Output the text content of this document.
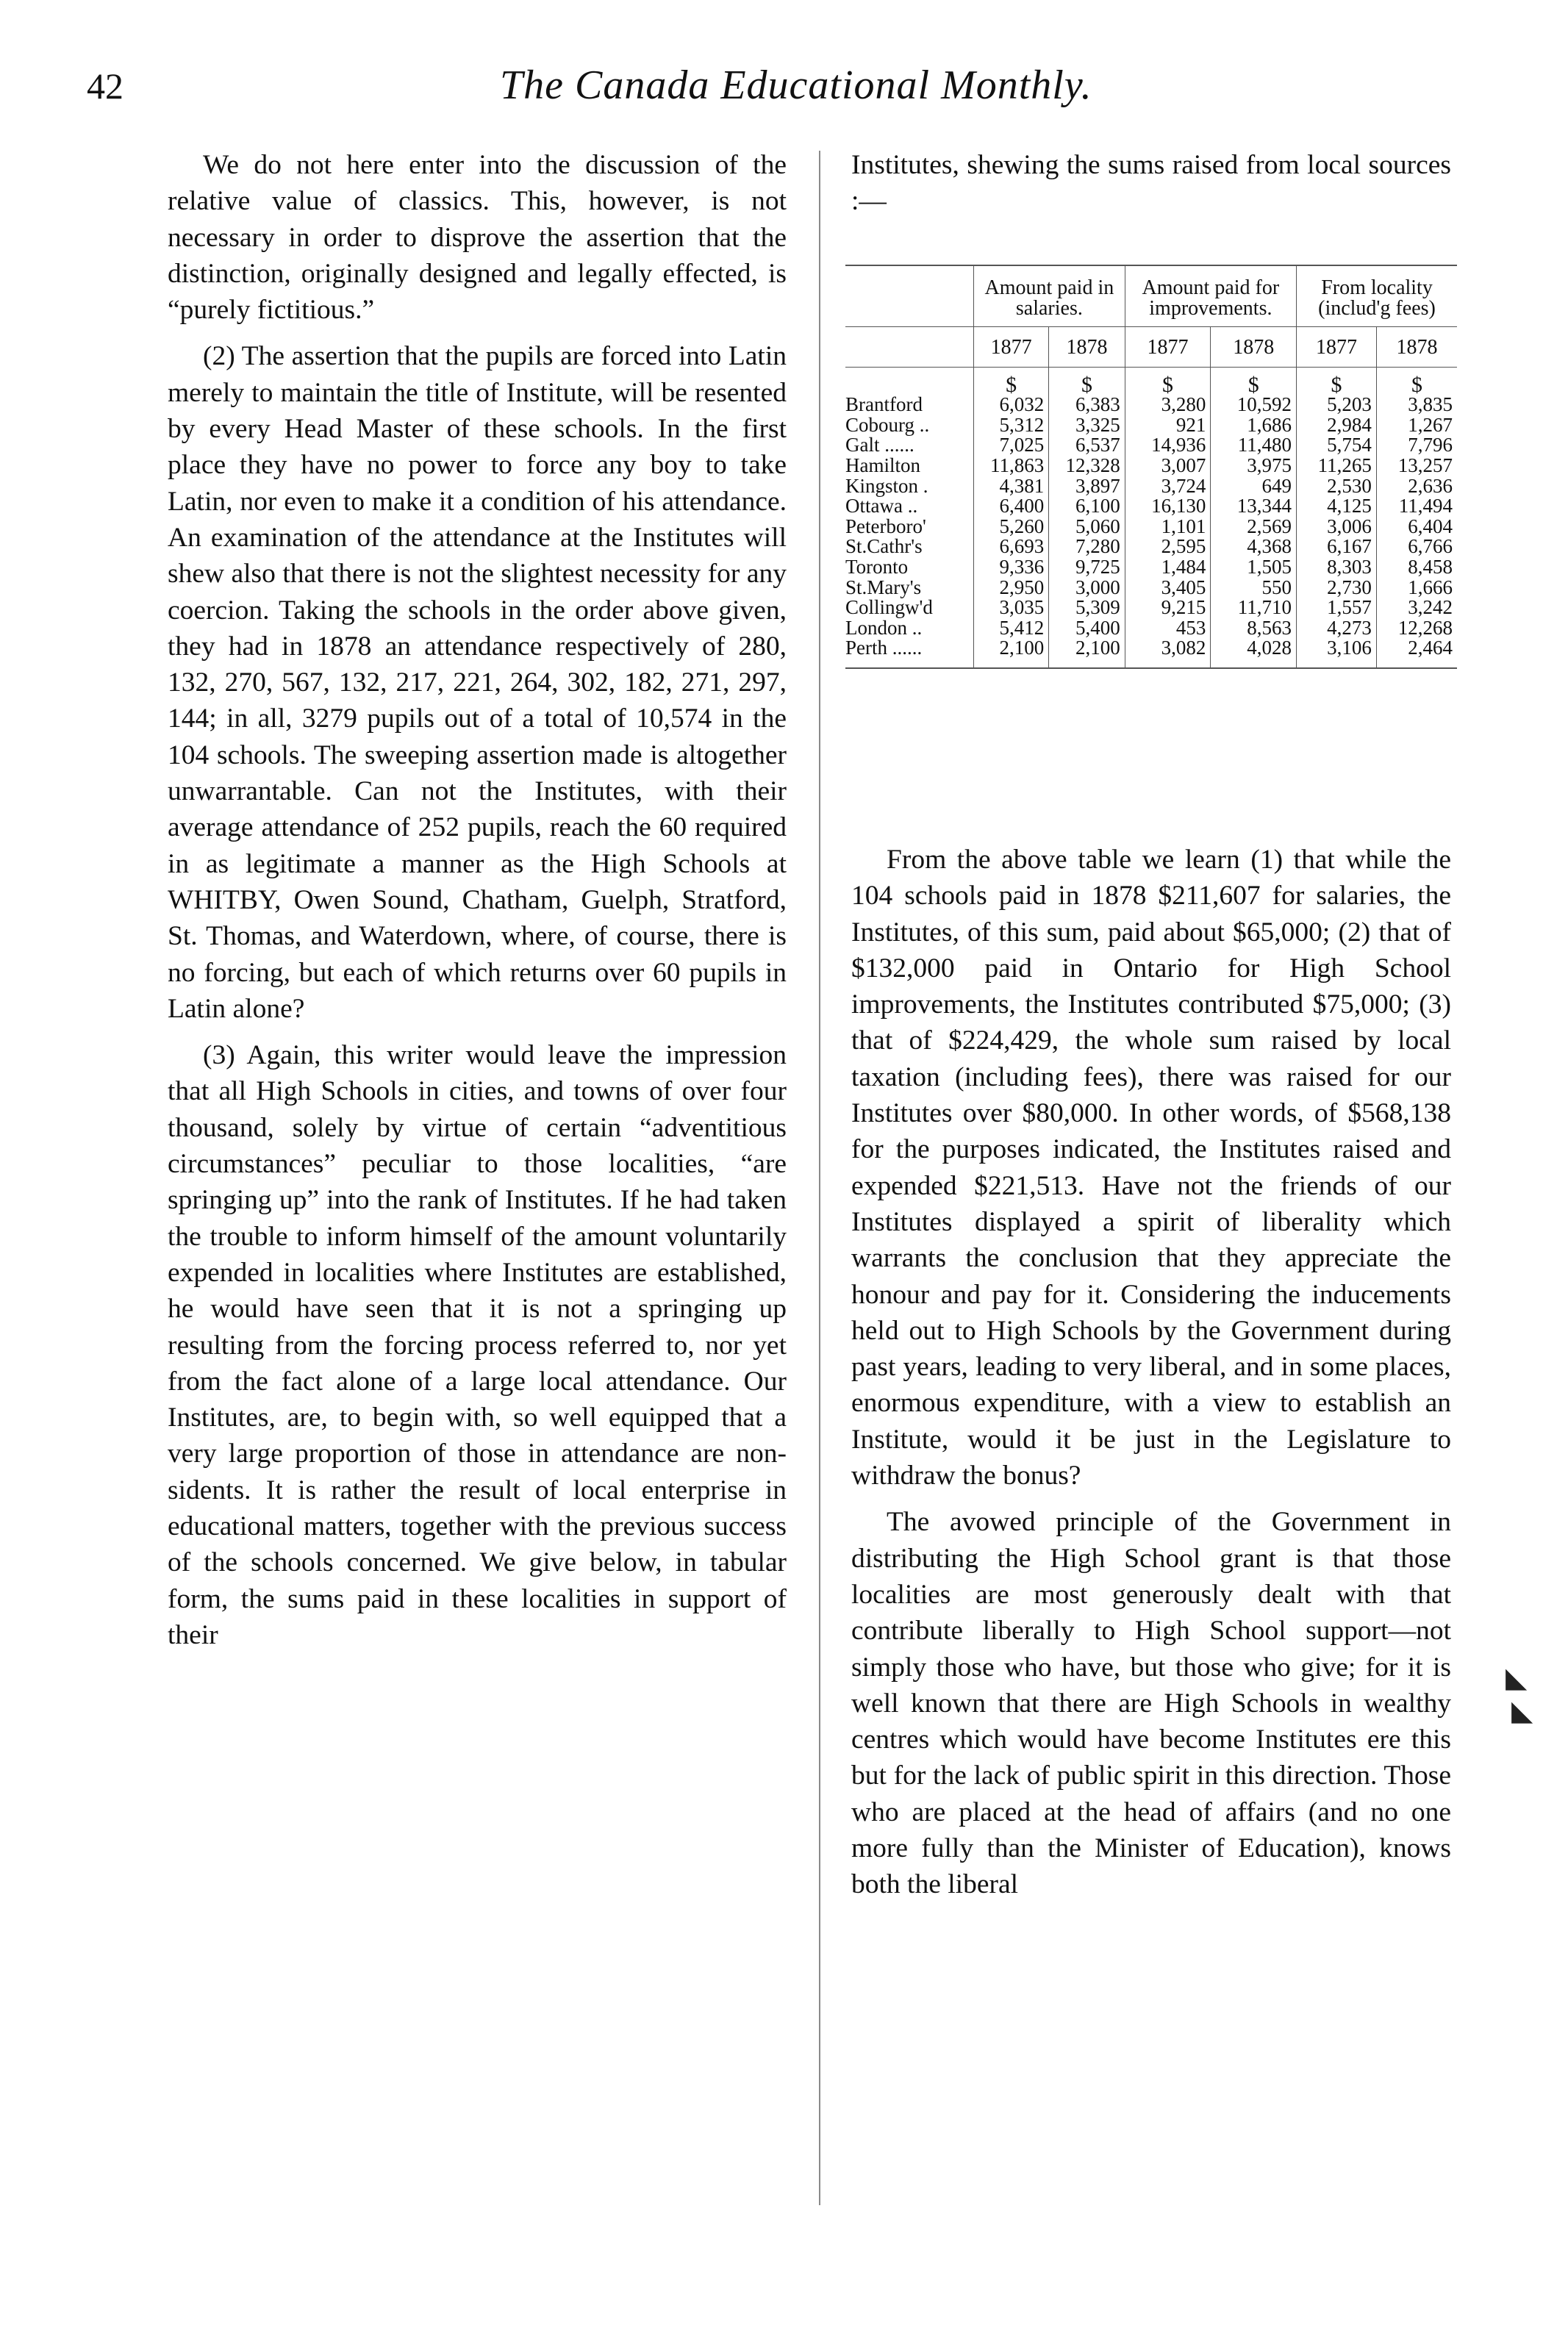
42	The Canada Educational Monthly.

We do not here enter into the discussion of the relative value of classics. This, however, is not necessary in order to disprove the assertion that the distinction, originally designed and legally effected, is “purely fictitious.”

(2) The assertion that the pupils are forced into Latin merely to maintain the title of Institute, will be resented by every Head Master of these schools. In the first place they have no power to force any boy to take Latin, nor even to make it a condition of his attendance. An examination of the attendance at the Institutes will shew also that there is not the slightest necessity for any coercion. Taking the schools in the order above given, they had in 1878 an attendance respectively of 280, 132, 270, 567, 132, 217, 221, 264, 302, 182, 271, 297, 144; in all, 3279 pupils out of a total of 10,574 in the 104 schools. The sweeping assertion made is altogether unwarrantable. Can not the Institutes, with their average attendance of 252 pupils, reach the 60 required in as legitimate a manner as the High Schools at WHITBY, Owen Sound, Chatham, Guelph, Stratford, St. Thomas, and Waterdown, where, of course, there is no forcing, but each of which returns over 60 pupils in Latin alone?

(3) Again, this writer would leave the impression that all High Schools in cities, and towns of over four thousand, solely by virtue of certain “adventitious circumstances” peculiar to those localities, “are springing up” into the rank of Institutes. If he had taken the trouble to inform himself of the amount voluntarily expended in localities where Institutes are established, he would have seen that it is not a springing up resulting from the forcing process referred to, nor yet from the fact alone of a large local attendance. Our Institutes, are, to begin with, so well equipped that a very large proportion of those in attendance are non-sidents. It is rather the result of local enterprise in educational matters, together with the previous success of the schools concerned. We give below, in tabular form, the sums paid in these localities in support of their

Institutes, shewing the sums raised from local sources :—

	Amount paid in salaries.		Amount paid for improvements.		From locality (includ'g fees)	
	1877	1878	1877	1878	1877	1878
	$	$	$	$	$	$
Brantford	6,032	6,383	3,280	10,592	5,203	3,835
Cobourg ..	5,312	3,325	921	1,686	2,984	1,267
Galt ......	7,025	6,537	14,936	11,480	5,754	7,796
Hamilton	11,863	12,328	3,007	3,975	11,265	13,257
Kingston .	4,381	3,897	3,724	649	2,530	2,636
Ottawa ..	6,400	6,100	16,130	13,344	4,125	11,494
Peterboro'	5,260	5,060	1,101	2,569	3,006	6,404
St.Cathr's	6,693	7,280	2,595	4,368	6,167	6,766
Toronto	9,336	9,725	1,484	1,505	8,303	8,458
St.Mary's	2,950	3,000	3,405	550	2,730	1,666
Collingw'd	3,035	5,309	9,215	11,710	1,557	3,242
London ..	5,412	5,400	453	8,563	4,273	12,268
Perth ......	2,100	2,100	3,082	4,028	3,106	2,464

From the above table we learn (1) that while the 104 schools paid in 1878 $211,607 for salaries, the Institutes, of this sum, paid about $65,000; (2) that of $132,000 paid in Ontario for High School improvements, the Institutes contributed $75,000; (3) that of $224,429, the whole sum raised by local taxation (including fees), there was raised for our Institutes over $80,000. In other words, of $568,138 for the purposes indicated, the Institutes raised and expended $221,513. Have not the friends of our Institutes displayed a spirit of liberality which warrants the conclusion that they appreciate the honour and pay for it. Considering the inducements held out to High Schools by the Government during past years, leading to very liberal, and in some places, enormous expenditure, with a view to establish an Institute, would it be just in the Legislature to withdraw the bonus?

The avowed principle of the Government in distributing the High School grant is that those localities are most generously dealt with that contribute liberally to High School support—not simply those who have, but those who give; for it is well known that there are High Schools in wealthy centres which would have become Institutes ere this but for the lack of public spirit in this direction. Those who are placed at the head of affairs (and no one more fully than the Minister of Education), knows both the liberal

◣
◣
